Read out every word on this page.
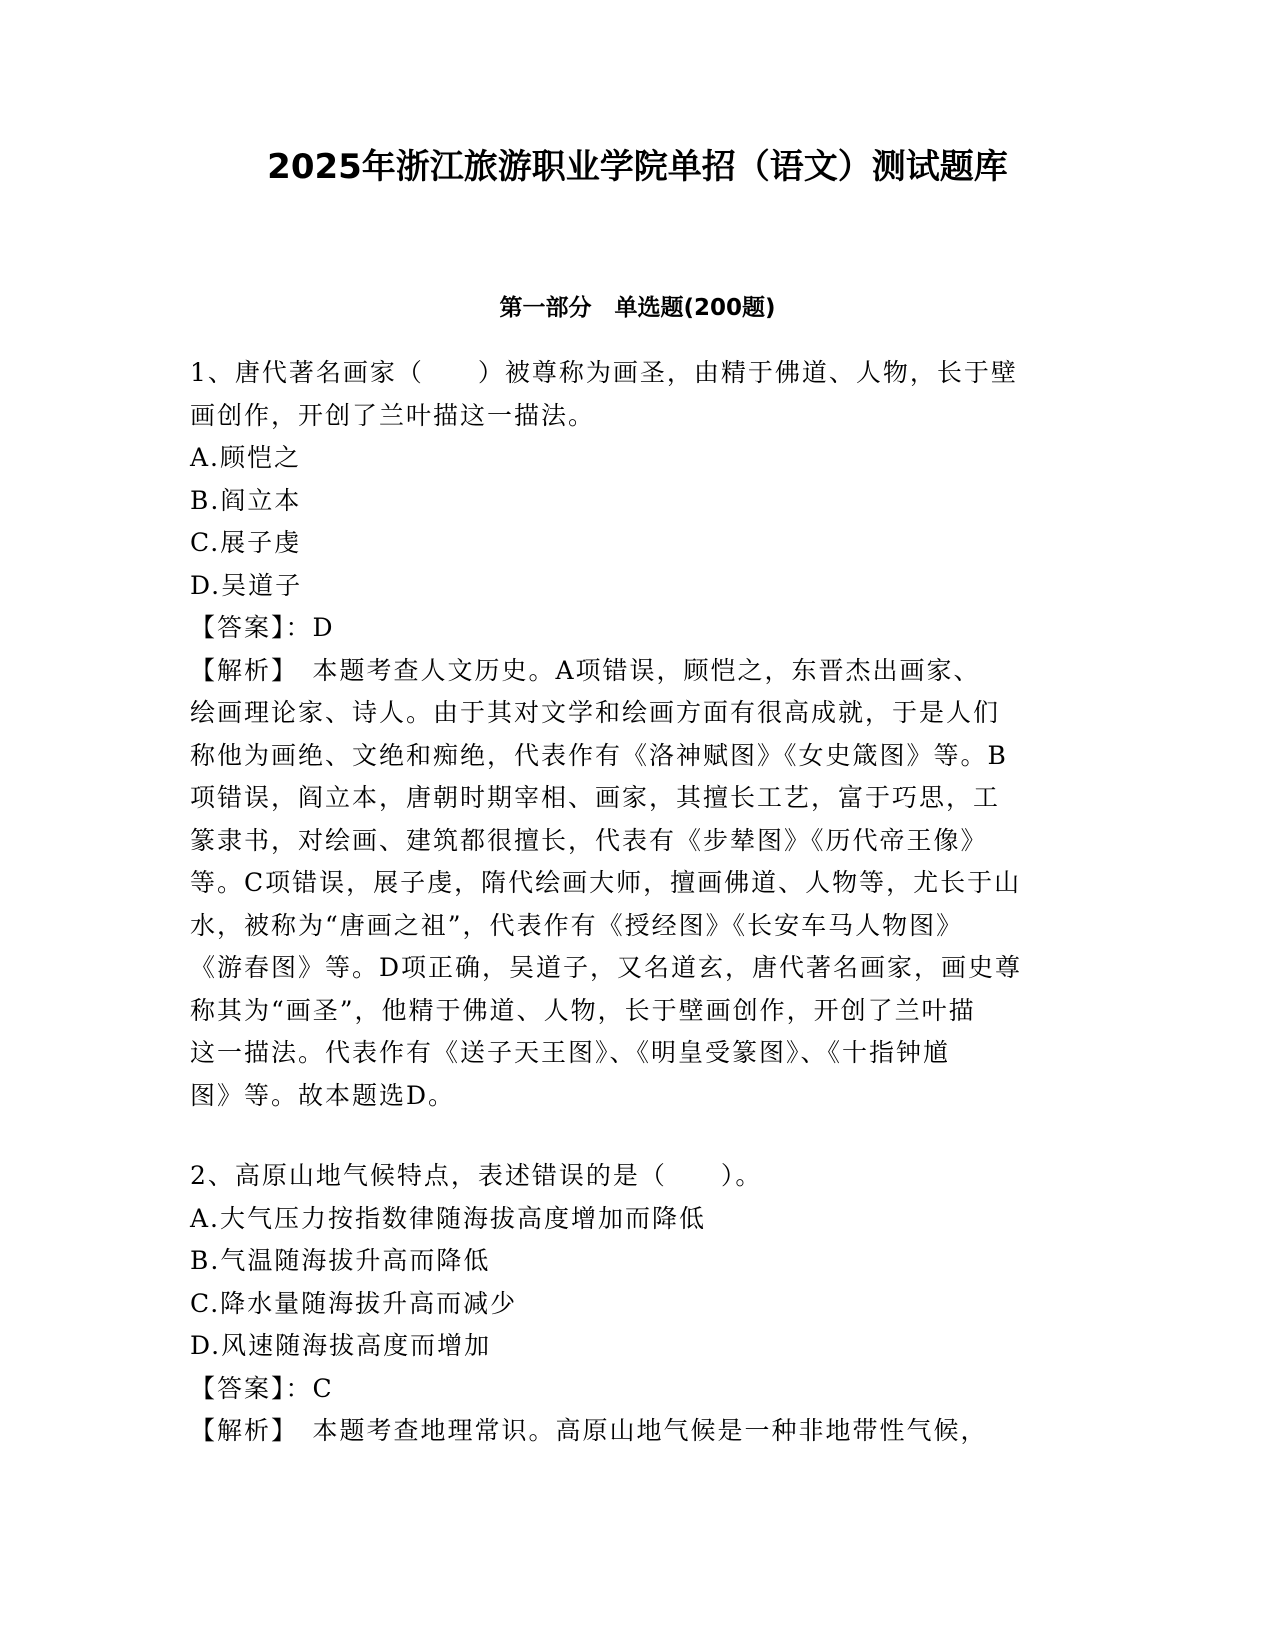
2025年浙江旅游职业学院单招（语文）测试题库
第一部分　单选题(200题)
1、唐代著名画家（　　）被尊称为画圣，由精于佛道、人物，长于壁
画创作，开创了兰叶描这一描法。
A.顾恺之
B.阎立本
C.展子虔
D.吴道子
【答案】：D
【解析】　本题考查人文历史。A项错误，顾恺之，东晋杰出画家、
绘画理论家、诗人。由于其对文学和绘画方面有很高成就，于是人们
称他为画绝、文绝和痴绝，代表作有《洛神赋图》《女史箴图》等。B
项错误，阎立本，唐朝时期宰相、画家，其擅长工艺，富于巧思，工
篆隶书，对绘画、建筑都很擅长，代表有《步辇图》《历代帝王像》
等。C项错误，展子虔，隋代绘画大师，擅画佛道、人物等，尤长于山
水，被称为“唐画之祖”，代表作有《授经图》《长安车马人物图》
《游春图》等。D项正确，吴道子，又名道玄，唐代著名画家，画史尊
称其为“画圣”，他精于佛道、人物，长于壁画创作，开创了兰叶描
这一描法。代表作有《送子天王图》、《明皇受篆图》、《十指钟馗
图》等。故本题选D。
2、高原山地气候特点，表述错误的是（　　）。
A.大气压力按指数律随海拔高度增加而降低
B.气温随海拔升高而降低
C.降水量随海拔升高而减少
D.风速随海拔高度而增加
【答案】：C
【解析】　本题考查地理常识。高原山地气候是一种非地带性气候，
